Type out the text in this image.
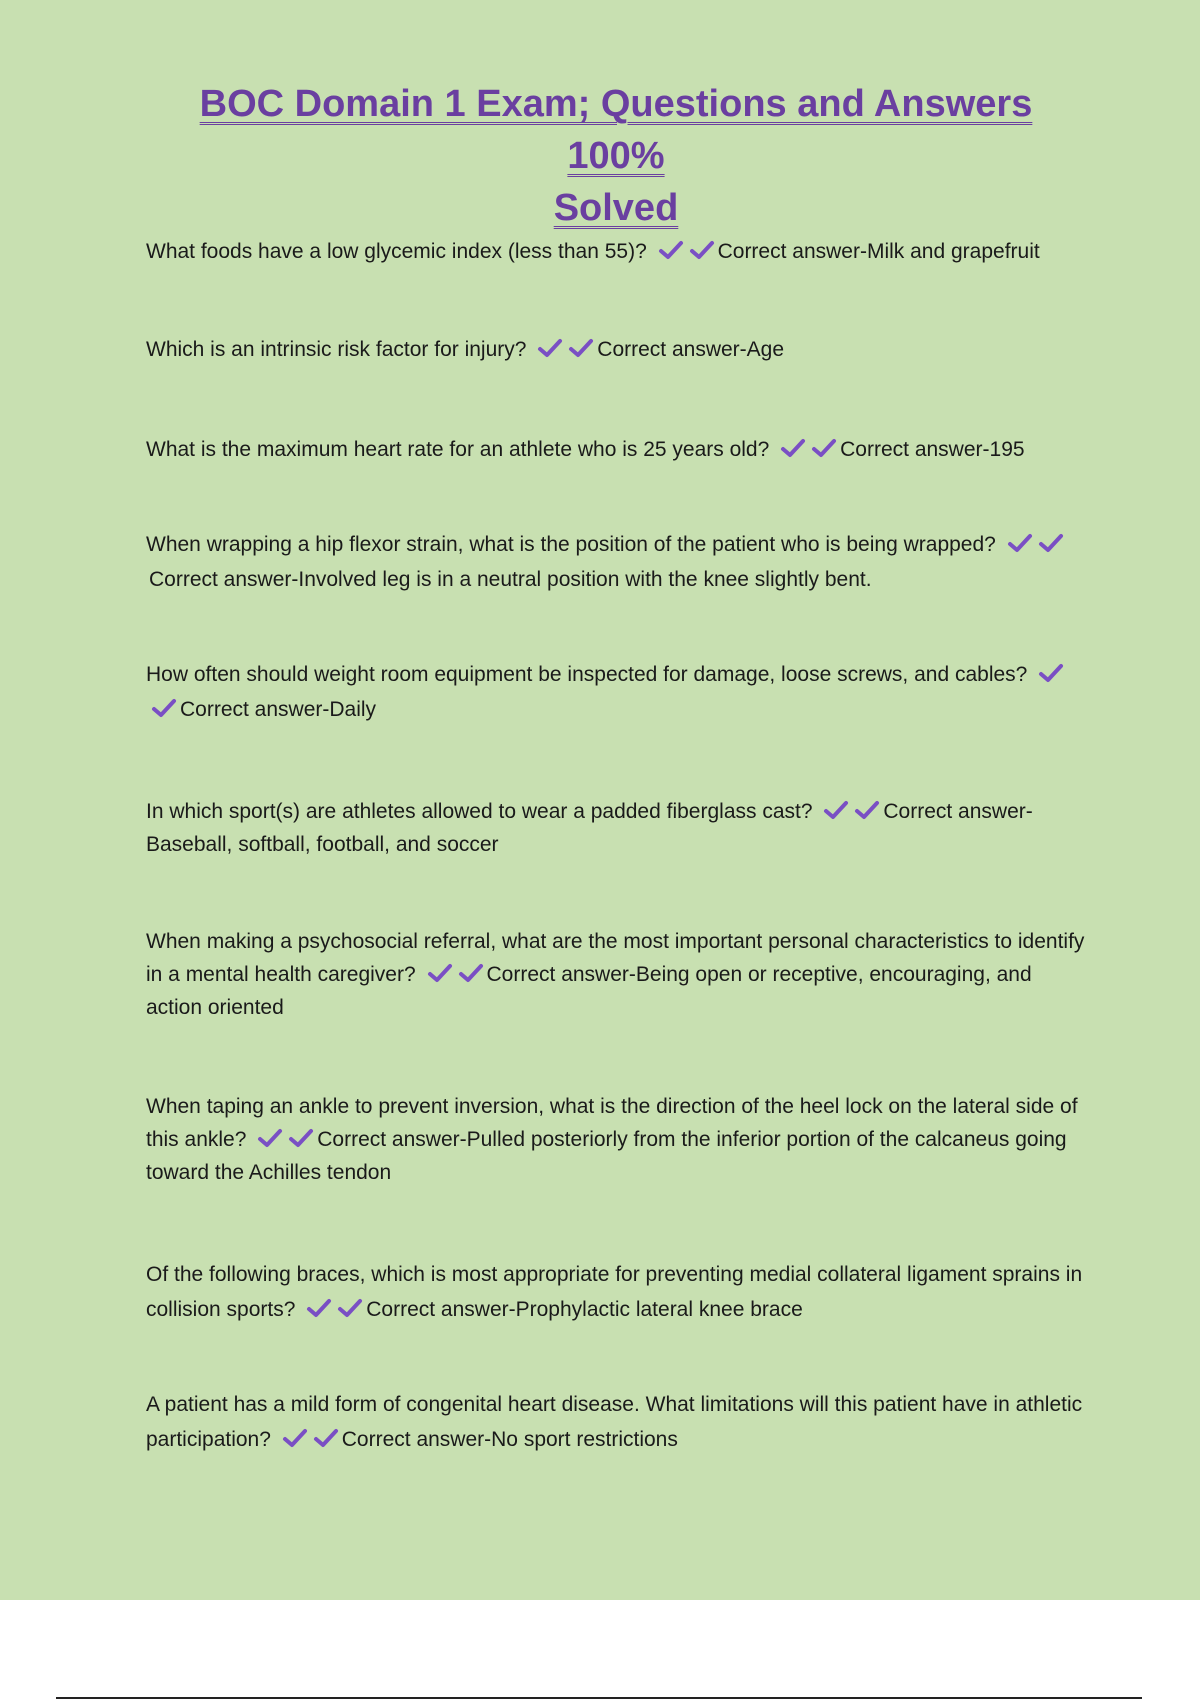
BOC Domain 1 Exam; Questions and Answers 100%
Solved

What foods have a low glycemic index (less than 55)?	Correct answer-Milk and grapefruit

Which is an intrinsic risk factor for injury?	Correct answer-Age

What is the maximum heart rate for an athlete who is 25 years old?	Correct answer-195

When wrapping a hip flexor strain, what is the position of the patient who is being wrapped?
Correct answer-Involved leg is in a neutral position with the knee slightly bent.

How often should weight room equipment be inspected for damage, loose screws, and cables?
Correct answer-Daily

In which sport(s) are athletes allowed to wear a padded fiberglass cast?	Correct answer-Baseball, softball, football, and soccer

When making a psychosocial referral, what are the most important personal characteristics to identify in a mental health caregiver?	Correct answer-Being open or receptive, encouraging, and action oriented

When taping an ankle to prevent inversion, what is the direction of the heel lock on the lateral side of this ankle?	Correct answer-Pulled posteriorly from the inferior portion of the calcaneus going toward the Achilles tendon

Of the following braces, which is most appropriate for preventing medial collateral ligament sprains in collision sports?	Correct answer-Prophylactic lateral knee brace

A patient has a mild form of congenital heart disease. What limitations will this patient have in athletic participation?	Correct answer-No sport restrictions
